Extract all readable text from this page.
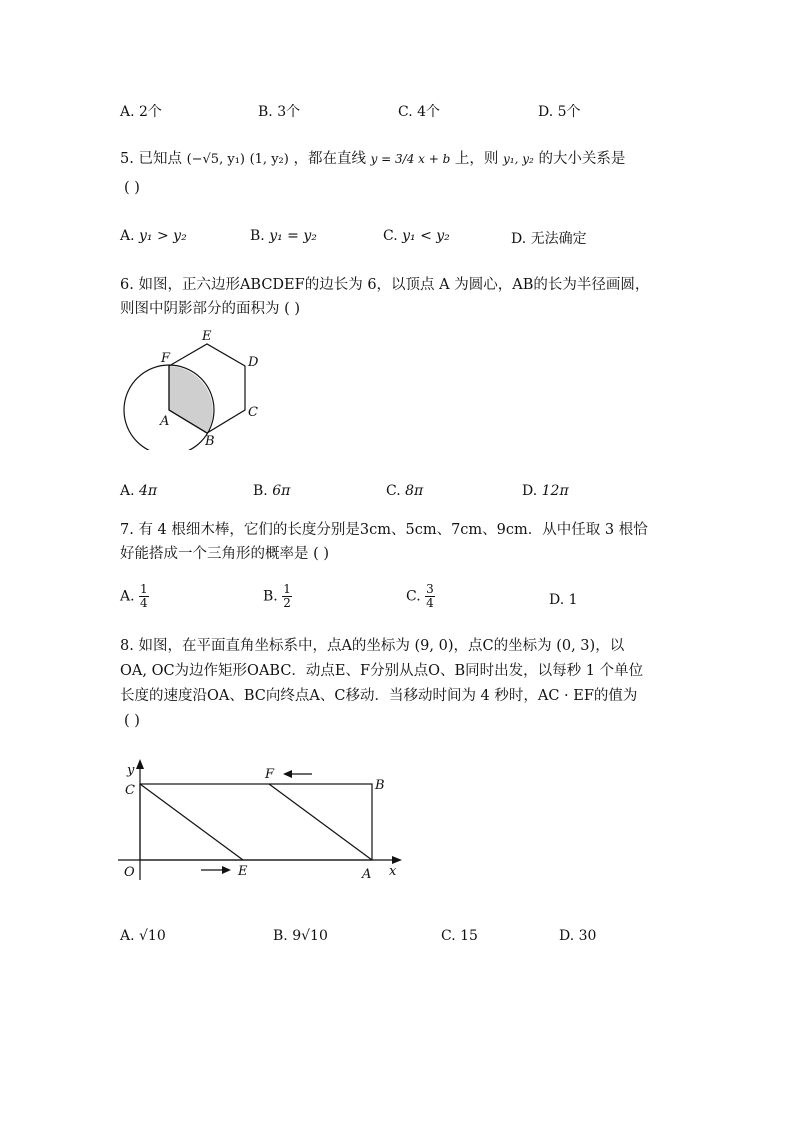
A. 2个	B. 3个	C. 4个	D. 5个
5. 已知点 (−√5, y₁) (1, y₂) ，都在直线 y = 3/4 x + b 上，则 y₁, y₂ 的大小关系是
( )
A. y₁ > y₂	B. y₁ = y₂	C. y₁ < y₂	D. 无法确定
6. 如图，正六边形ABCDEF的边长为 6，以顶点 A 为圆心，AB的长为半径画圆，
则图中阴影部分的面积为 ( )
A
B
C
D
E
F
A. 4π	B. 6π	C. 8π	D. 12π
7. 有 4 根细木棒，它们的长度分别是3cm、5cm、7cm、9cm．从中任取 3 根恰
好能搭成一个三角形的概率是 ( )
A. $\frac{1}{4}$	B. $\frac{1}{2}$	C. $\frac{3}{4}$	D. 1
8. 如图，在平面直角坐标系中，点A的坐标为 (9, 0)，点C的坐标为 (0, 3)，以
OA, OC为边作矩形OABC．动点E、F分别从点O、B同时出发，以每秒 1 个单位
长度的速度沿OA、BC向终点A、C移动．当移动时间为 4 秒时，AC · EF的值为
( )
y
C
O
F
B
E	A x
A. √10	B. 9√10	C. 15	D. 30
